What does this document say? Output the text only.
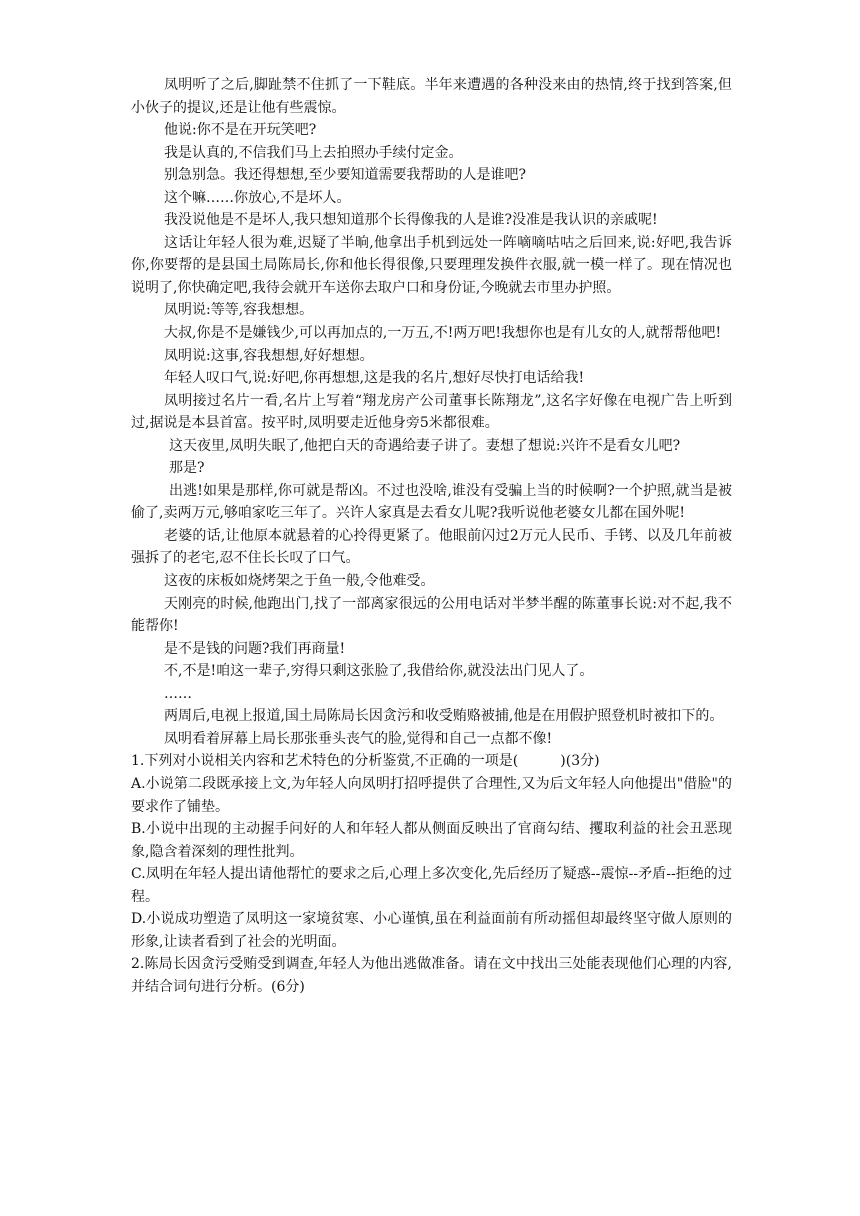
凤明听了之后,脚趾禁不住抓了一下鞋底。半年来遭遇的各种没来由的热情,终于找到答案,但小伙子的提议,还是让他有些震惊。

他说:你不是在开玩笑吧?

我是认真的,不信我们马上去拍照办手续付定金。

别急别急。我还得想想,至少要知道需要我帮助的人是谁吧?

这个嘛……你放心,不是坏人。

我没说他是不是坏人,我只想知道那个长得像我的人是谁?没准是我认识的亲戚呢!

这话让年轻人很为难,迟疑了半晌,他拿出手机到远处一阵嘀嘀咕咕之后回来,说:好吧,我告诉你,你要帮的是县国土局陈局长,你和他长得很像,只要理理发换件衣服,就一模一样了。现在情况也说明了,你快确定吧,我待会就开车送你去取户口和身份证,今晚就去市里办护照。

凤明说:等等,容我想想。

大叔,你是不是嫌钱少,可以再加点的,一万五,不!两万吧!我想你也是有儿女的人,就帮帮他吧!

凤明说:这事,容我想想,好好想想。

年轻人叹口气,说:好吧,你再想想,这是我的名片,想好尽快打电话给我!

凤明接过名片一看,名片上写着“翔龙房产公司董事长陈翔龙”,这名字好像在电视广告上听到过,据说是本县首富。按平时,凤明要走近他身旁5米都很难。

这天夜里,凤明失眠了,他把白天的奇遇给妻子讲了。妻想了想说:兴许不是看女儿吧?

那是?

出逃!如果是那样,你可就是帮凶。不过也没啥,谁没有受骗上当的时候啊?一个护照,就当是被偷了,卖两万元,够咱家吃三年了。兴许人家真是去看女儿呢?我听说他老婆女儿都在国外呢!

老婆的话,让他原本就悬着的心拎得更紧了。他眼前闪过2万元人民币、手铐、以及几年前被强拆了的老宅,忍不住长长叹了口气。

这夜的床板如烧烤架之于鱼一般,令他难受。

天刚亮的时候,他跑出门,找了一部离家很远的公用电话对半梦半醒的陈董事长说:对不起,我不能帮你!

是不是钱的问题?我们再商量!

不,不是!咱这一辈子,穷得只剩这张脸了,我借给你,就没法出门见人了。

……

两周后,电视上报道,国土局陈局长因贪污和收受贿赂被捕,他是在用假护照登机时被扣下的。

凤明看着屏幕上局长那张垂头丧气的脸,觉得和自己一点都不像!

1.下列对小说相关内容和艺术特色的分析鉴赏,不正确的一项是(　　　)(3分)

A.小说第二段既承接上文,为年轻人向凤明打招呼提供了合理性,又为后文年轻人向他提出"借脸"的要求作了铺垫。

B.小说中出现的主动握手问好的人和年轻人都从侧面反映出了官商勾结、攫取利益的社会丑恶现象,隐含着深刻的理性批判。

C.凤明在年轻人提出请他帮忙的要求之后,心理上多次变化,先后经历了疑惑--震惊--矛盾--拒绝的过程。

D.小说成功塑造了凤明这一家境贫寒、小心谨慎,虽在利益面前有所动摇但却最终坚守做人原则的形象,让读者看到了社会的光明面。

2.陈局长因贪污受贿受到调查,年轻人为他出逃做准备。请在文中找出三处能表现他们心理的内容,并结合词句进行分析。(6分)
